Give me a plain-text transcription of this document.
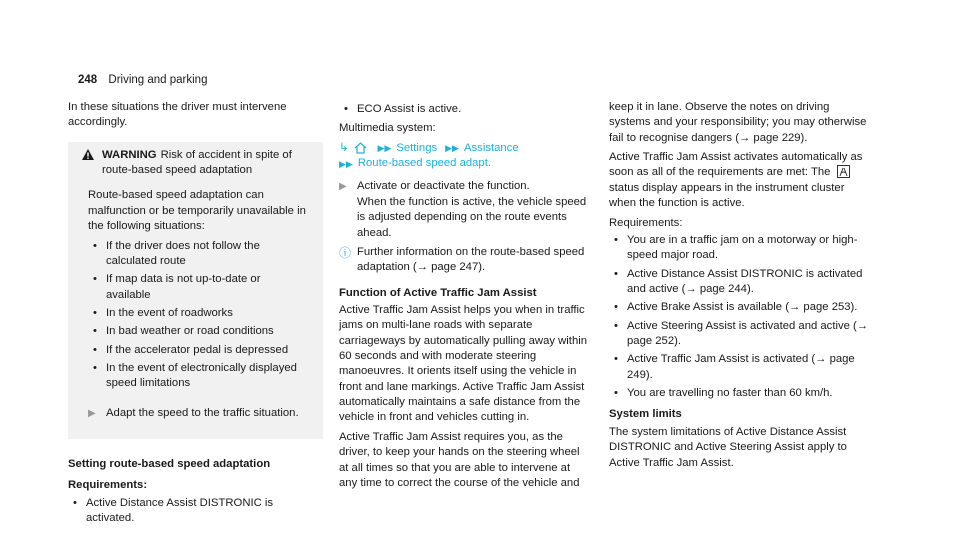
248 Driving and parking

In these situations the driver must intervene accordingly.

WARNING Risk of accident in spite of route-based speed adaptation

Route-based speed adaptation can malfunction or be temporarily unavailable in the following situations:

• If the driver does not follow the calculated route
• If map data is not up-to-date or available
• In the event of roadworks
• In bad weather or road conditions
• If the accelerator pedal is depressed
• In the event of electronically displayed speed limitations
▶ Adapt the speed to the traffic situation.
Setting route-based speed adaptation
Requirements:
• Active Distance Assist DISTRONIC is activated.
• ECO Assist is active.

Multimedia system:

↳	▶▶ Settings ▶▶ Assistance
▶▶ Route-based speed adapt.
▶ Activate or deactivate the function.
When the function is active, the vehicle speed is adjusted depending on the route events ahead.
ⓘ Further information on the route-based speed adaptation (→ page 247).
Function of Active Traffic Jam Assist

Active Traffic Jam Assist helps you when in traffic jams on multi-lane roads with separate carriageways by automatically pulling away within 60 seconds and with moderate steering manoeuvres. It orients itself using the vehicle in front and lane markings. Active Traffic Jam Assist automatically maintains a safe distance from the vehicle in front and vehicles cutting in.

Active Traffic Jam Assist requires you, as the driver, to keep your hands on the steering wheel at all times so that you are able to intervene at any time to correct the course of the vehicle and

keep it in lane. Observe the notes on driving systems and your responsibility; you may otherwise fail to recognise dangers (→ page 229).

Active Traffic Jam Assist activates automatically as soon as all of the requirements are met: The
status display appears in the instrument cluster when the function is active.

Requirements:

• You are in a traffic jam on a motorway or high-speed major road.
• Active Distance Assist DISTRONIC is activated and active (→ page 244).
• Active Brake Assist is available (→ page 253).
• Active Steering Assist is activated and active (→ page 252).
• Active Traffic Jam Assist is activated (→ page 249).
• You are travelling no faster than 60 km/h.
System limits

The system limitations of Active Distance Assist DISTRONIC and Active Steering Assist apply to Active Traffic Jam Assist.
